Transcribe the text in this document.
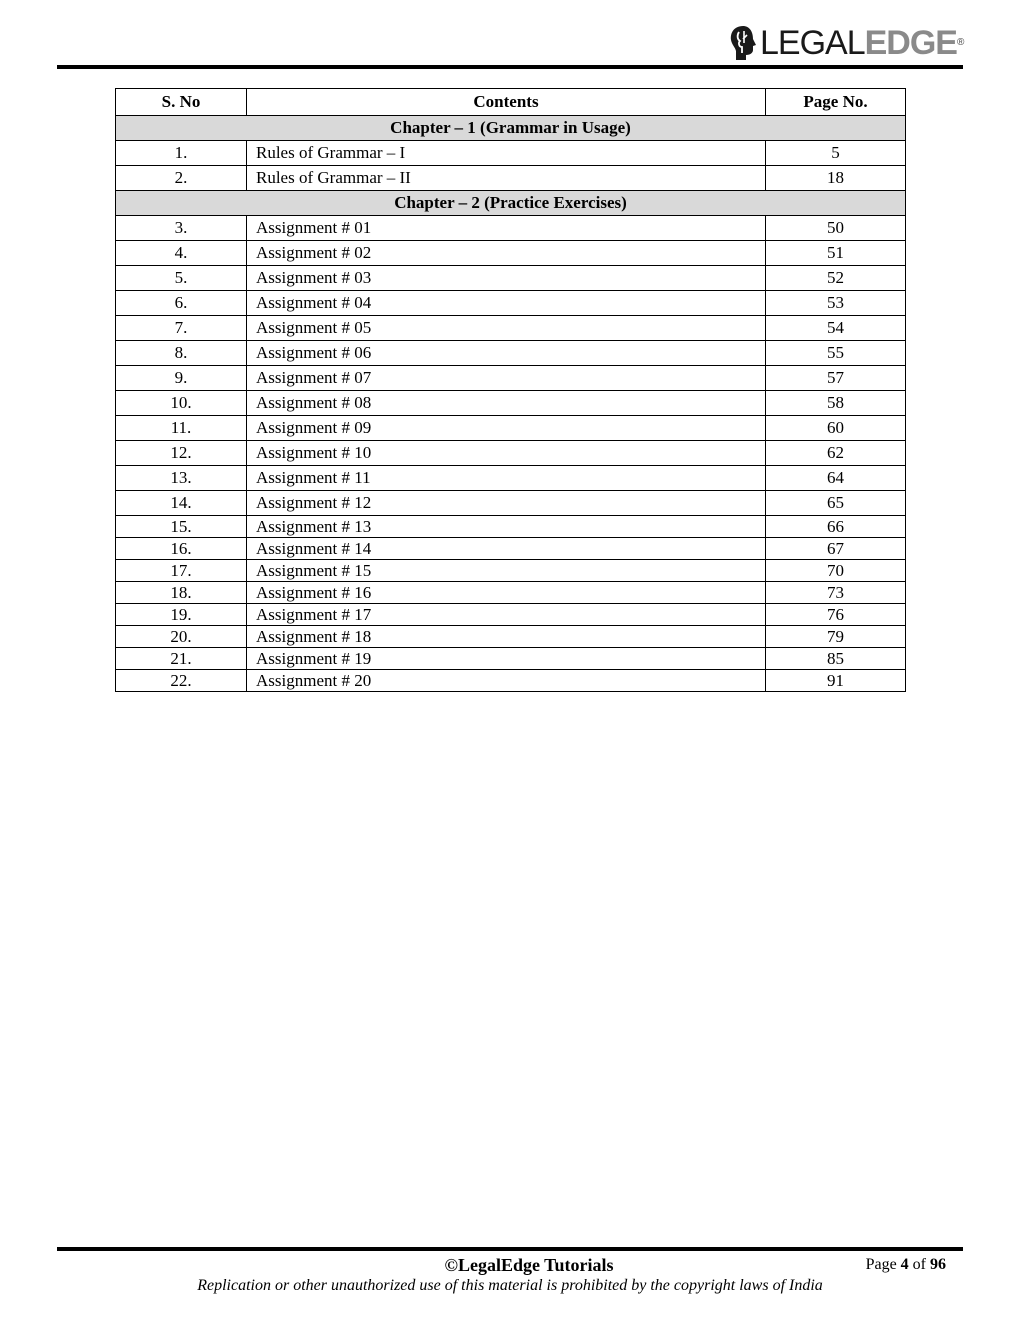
LEGALEDGE®
S. No	Contents	Page No.
Chapter – 1 (Grammar in Usage)		
1.	Rules of Grammar – I	5
2.	Rules of Grammar – II	18
Chapter – 2 (Practice Exercises)		
3.	Assignment # 01	50
4.	Assignment # 02	51
5.	Assignment # 03	52
6.	Assignment # 04	53
7.	Assignment # 05	54
8.	Assignment # 06	55
9.	Assignment # 07	57
10.	Assignment # 08	58
11.	Assignment # 09	60
12.	Assignment # 10	62
13.	Assignment # 11	64
14.	Assignment # 12	65
15.	Assignment # 13	66
16.	Assignment # 14	67
17.	Assignment # 15	70
18.	Assignment # 16	73
19.	Assignment # 17	76
20.	Assignment # 18	79
21.	Assignment # 19	85
22.	Assignment # 20	91
©LegalEdge Tutorials	Page 4 of 96
Replication or other unauthorized use of this material is prohibited by the copyright laws of India
